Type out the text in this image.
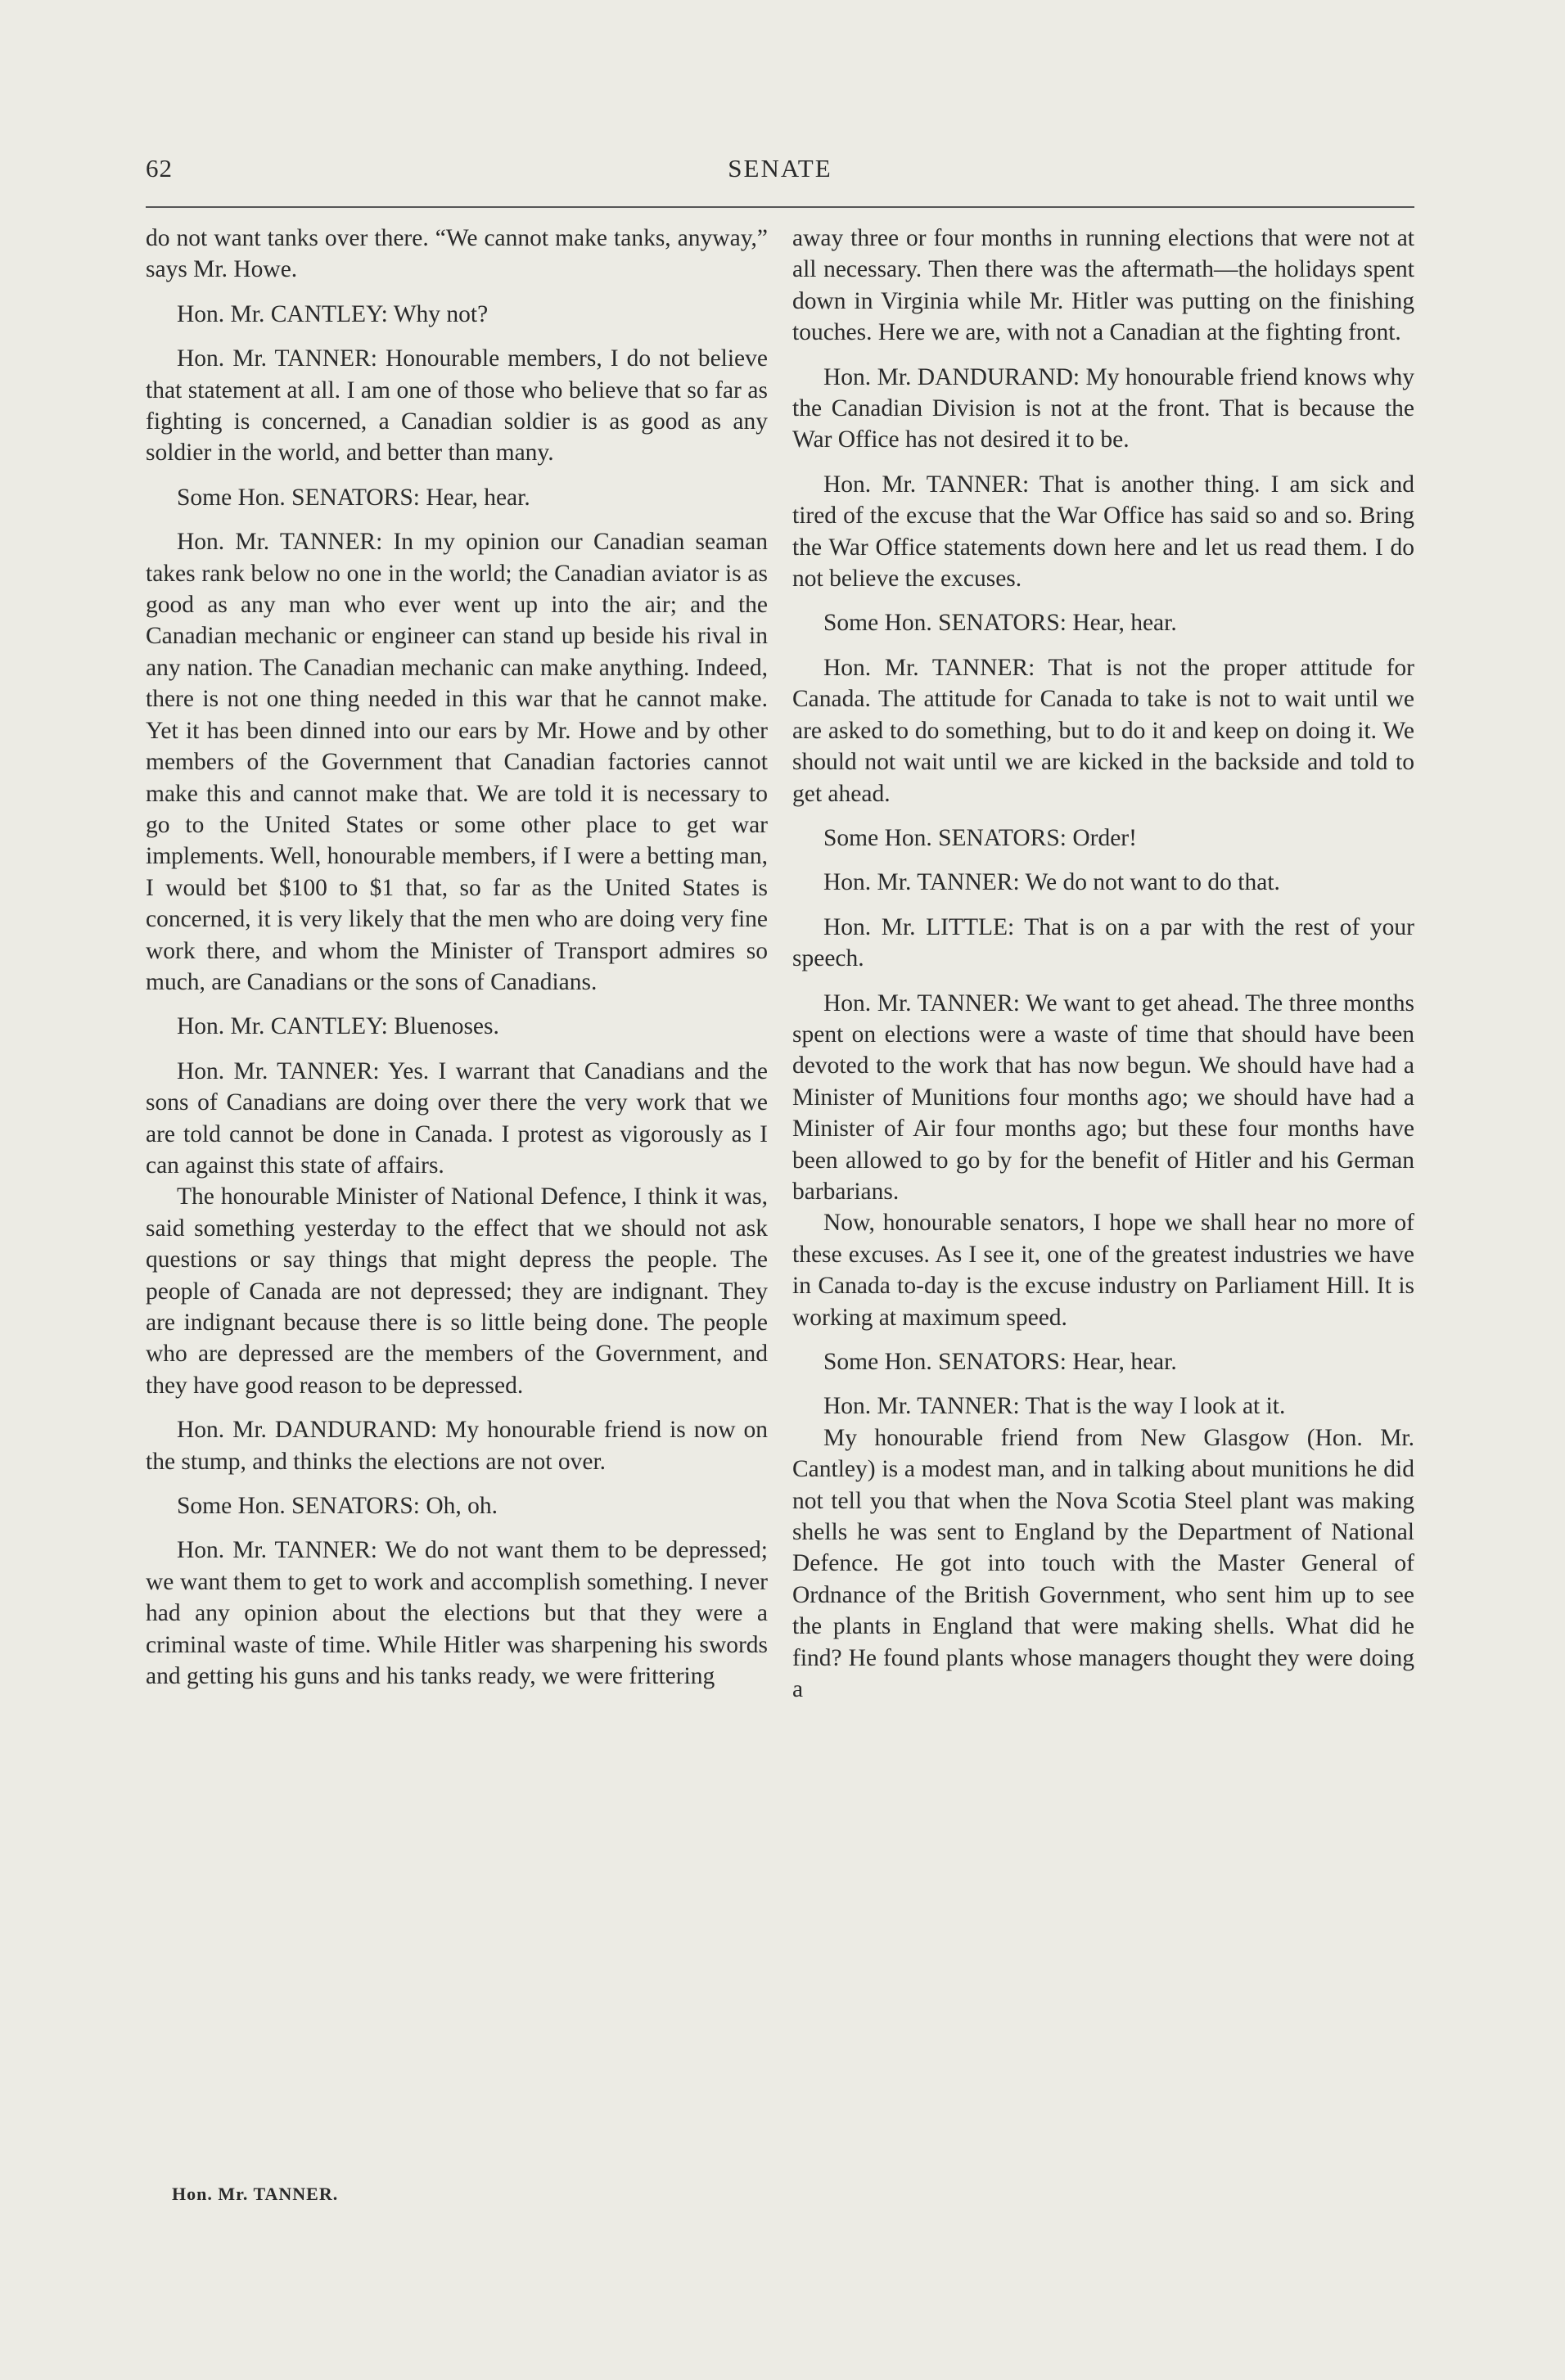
62	SENATE

do not want tanks over there. “We cannot make tanks, anyway,” says Mr. Howe.

Hon. Mr. CANTLEY: Why not?

Hon. Mr. TANNER: Honourable members, I do not believe that statement at all. I am one of those who believe that so far as fighting is concerned, a Canadian soldier is as good as any soldier in the world, and better than many.

Some Hon. SENATORS: Hear, hear.

Hon. Mr. TANNER: In my opinion our Canadian seaman takes rank below no one in the world; the Canadian aviator is as good as any man who ever went up into the air; and the Canadian mechanic or engineer can stand up beside his rival in any nation. The Canadian mechanic can make anything. Indeed, there is not one thing needed in this war that he cannot make. Yet it has been dinned into our ears by Mr. Howe and by other members of the Government that Canadian factories cannot make this and cannot make that. We are told it is necessary to go to the United States or some other place to get war implements. Well, honourable members, if I were a betting man, I would bet $100 to $1 that, so far as the United States is concerned, it is very likely that the men who are doing very fine work there, and whom the Minister of Transport admires so much, are Canadians or the sons of Canadians.

Hon. Mr. CANTLEY: Bluenoses.

Hon. Mr. TANNER: Yes. I warrant that Canadians and the sons of Canadians are doing over there the very work that we are told cannot be done in Canada. I protest as vigorously as I can against this state of affairs.

The honourable Minister of National Defence, I think it was, said something yesterday to the effect that we should not ask questions or say things that might depress the people. The people of Canada are not depressed; they are indignant. They are indignant because there is so little being done. The people who are depressed are the members of the Government, and they have good reason to be depressed.

Hon. Mr. DANDURAND: My honourable friend is now on the stump, and thinks the elections are not over.

Some Hon. SENATORS: Oh, oh.

Hon. Mr. TANNER: We do not want them to be depressed; we want them to get to work and accomplish something. I never had any opinion about the elections but that they were a criminal waste of time. While Hitler was sharpening his swords and getting his guns and his tanks ready, we were frittering

away three or four months in running elections that were not at all necessary. Then there was the aftermath—the holidays spent down in Virginia while Mr. Hitler was putting on the finishing touches. Here we are, with not a Canadian at the fighting front.

Hon. Mr. DANDURAND: My honourable friend knows why the Canadian Division is not at the front. That is because the War Office has not desired it to be.

Hon. Mr. TANNER: That is another thing. I am sick and tired of the excuse that the War Office has said so and so. Bring the War Office statements down here and let us read them. I do not believe the excuses.

Some Hon. SENATORS: Hear, hear.

Hon. Mr. TANNER: That is not the proper attitude for Canada. The attitude for Canada to take is not to wait until we are asked to do something, but to do it and keep on doing it. We should not wait until we are kicked in the backside and told to get ahead.

Some Hon. SENATORS: Order!

Hon. Mr. TANNER: We do not want to do that.

Hon. Mr. LITTLE: That is on a par with the rest of your speech.

Hon. Mr. TANNER: We want to get ahead. The three months spent on elections were a waste of time that should have been devoted to the work that has now begun. We should have had a Minister of Munitions four months ago; we should have had a Minister of Air four months ago; but these four months have been allowed to go by for the benefit of Hitler and his German barbarians.

Now, honourable senators, I hope we shall hear no more of these excuses. As I see it, one of the greatest industries we have in Canada to-day is the excuse industry on Parliament Hill. It is working at maximum speed.

Some Hon. SENATORS: Hear, hear.

Hon. Mr. TANNER: That is the way I look at it.

My honourable friend from New Glasgow (Hon. Mr. Cantley) is a modest man, and in talking about munitions he did not tell you that when the Nova Scotia Steel plant was making shells he was sent to England by the Department of National Defence. He got into touch with the Master General of Ordnance of the British Government, who sent him up to see the plants in England that were making shells. What did he find? He found plants whose managers thought they were doing a

Hon. Mr. TANNER.
